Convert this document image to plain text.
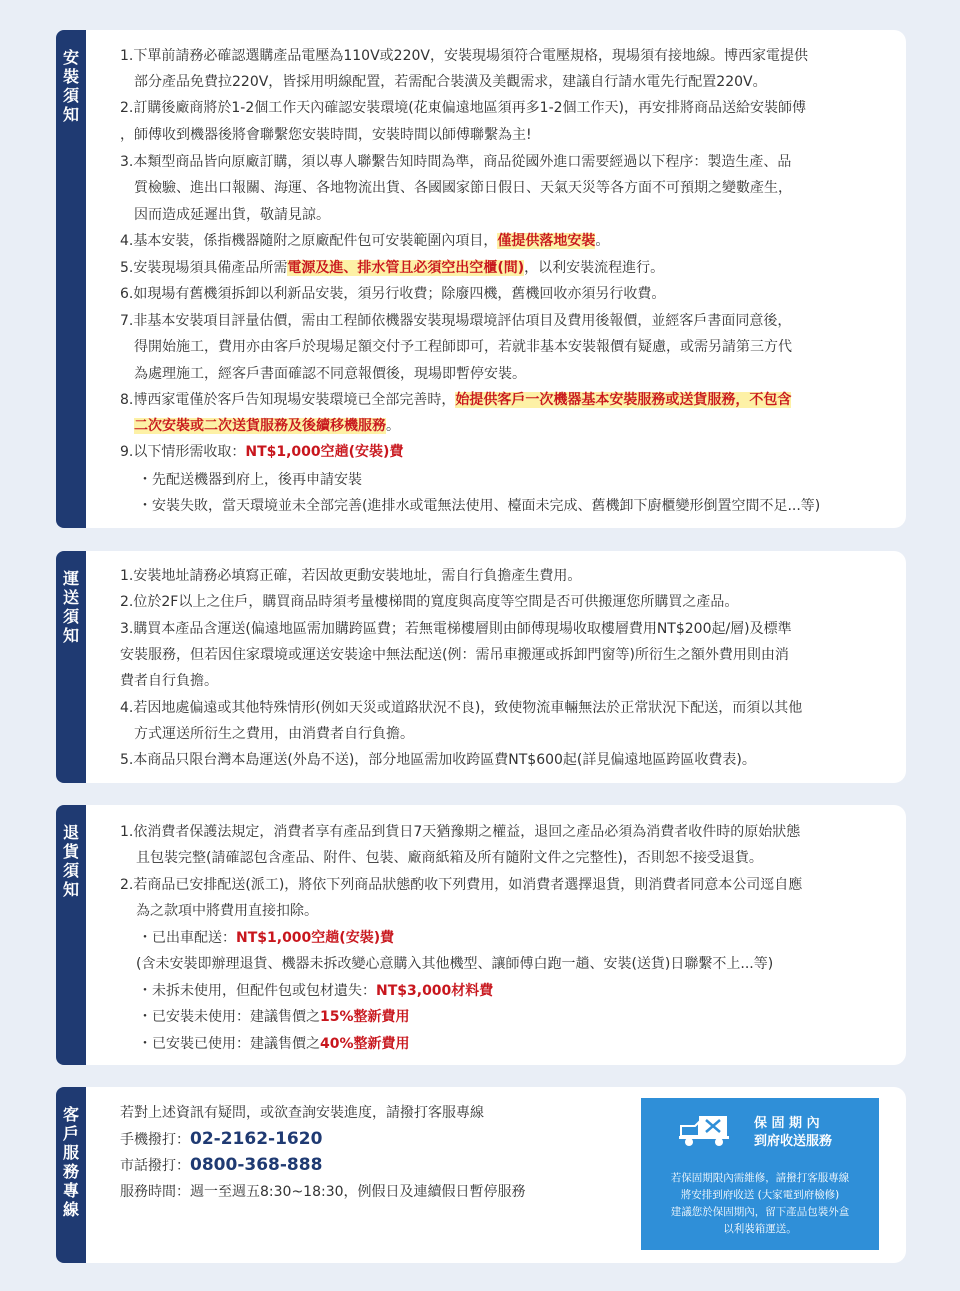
安
裝
須
知
運
送
須
知
退
貨
須
知
客
戶
服
務
專
線
若對上述資訊有疑問，或欲查詢安裝進度，請撥打客服專線
手機撥打：02-2162-1620
市話撥打：0800-368-888
服務時間：週一至週五8:30~18:30，例假日及連續假日暫停服務
保 固 期 內
到府收送服務
若保固期限內需維修，請撥打客服專線
將安排到府收送 (大家電到府檢修)
建議您於保固期內，留下產品包裝外盒
以利裝箱運送。
1.下單前請務必確認選購產品電壓為110V或220V，安裝現場須符合電壓規格，現場須有接地線。博西家電提供
部分產品免費拉220V，皆採用明線配置，若需配合裝潢及美觀需求，建議自行請水電先行配置220V。
2.訂購後廠商將於1-2個工作天內確認安裝環境(花東偏遠地區須再多1-2個工作天)，再安排將商品送給安裝師傅
，師傅收到機器後將會聯繫您安裝時間，安裝時間以師傅聯繫為主!
3.本類型商品皆向原廠訂購，須以專人聯繫告知時間為準，商品從國外進口需要經過以下程序：製造生產、品
質檢驗、進出口報關、海運、各地物流出貨、各國國家節日假日、天氣天災等各方面不可預期之變數產生，
因而造成延遲出貨，敬請見諒。
4.基本安裝，係指機器隨附之原廠配件包可安裝範圍內項目，僅提供落地安裝。
5.安裝現場須具備產品所需電源及進、排水管且必須空出空櫃(間)，以利安裝流程進行。
6.如現場有舊機須拆卸以利新品安裝，須另行收費；除廢四機，舊機回收亦須另行收費。
7.非基本安裝項目評量估價，需由工程師依機器安裝現場環境評估項目及費用後報價，並經客戶書面同意後，
得開始施工，費用亦由客戶於現場足額交付予工程師即可，若就非基本安裝報價有疑慮，或需另請第三方代
為處理施工，經客戶書面確認不同意報價後，現場即暫停安裝。
8.博西家電僅於客戶告知現場安裝環境已全部完善時，始提供客戶一次機器基本安裝服務或送貨服務，不包含
二次安裝或二次送貨服務及後續移機服務。
9.以下情形需收取：NT$1,000空趟(安裝)費
・先配送機器到府上，後再申請安裝
・安裝失敗，當天環境並未全部完善(進排水或電無法使用、檯面未完成、舊機卸下廚櫃變形倒置空間不足...等)
1.安裝地址請務必填寫正確，若因故更動安裝地址，需自行負擔產生費用。
2.位於2F以上之住戶，購買商品時須考量樓梯間的寬度與高度等空間是否可供搬運您所購買之產品。
3.購買本產品含運送(偏遠地區需加購跨區費；若無電梯樓層則由師傅現場收取樓層費用NT$200起/層)及標準
安裝服務，但若因住家環境或運送安裝途中無法配送(例：需吊車搬運或拆卸門窗等)所衍生之額外費用則由消
費者自行負擔。
4.若因地處偏遠或其他特殊情形(例如天災或道路狀況不良)，致使物流車輛無法於正常狀況下配送，而須以其他
方式運送所衍生之費用，由消費者自行負擔。
5.本商品只限台灣本島運送(外島不送)，部分地區需加收跨區費NT$600起(詳見偏遠地區跨區收費表)。
1.依消費者保護法規定，消費者享有產品到貨日7天猶豫期之權益，退回之產品必須為消費者收件時的原始狀態
且包裝完整(請確認包含產品、附件、包裝、廠商紙箱及所有隨附文件之完整性)，否則恕不接受退貨。
2.若商品已安排配送(派工)，將依下列商品狀態酌收下列費用，如消費者選擇退貨，則消費者同意本公司逕自應
為之款項中將費用直接扣除。
・已出車配送：NT$1,000空趟(安裝)費
(含未安裝即辦理退貨、機器未拆改變心意購入其他機型、讓師傅白跑一趟、安裝(送貨)日聯繫不上...等)
・未拆未使用，但配件包或包材遺失：NT$3,000材料費
・已安裝未使用：建議售價之15%整新費用
・已安裝已使用：建議售價之40%整新費用
